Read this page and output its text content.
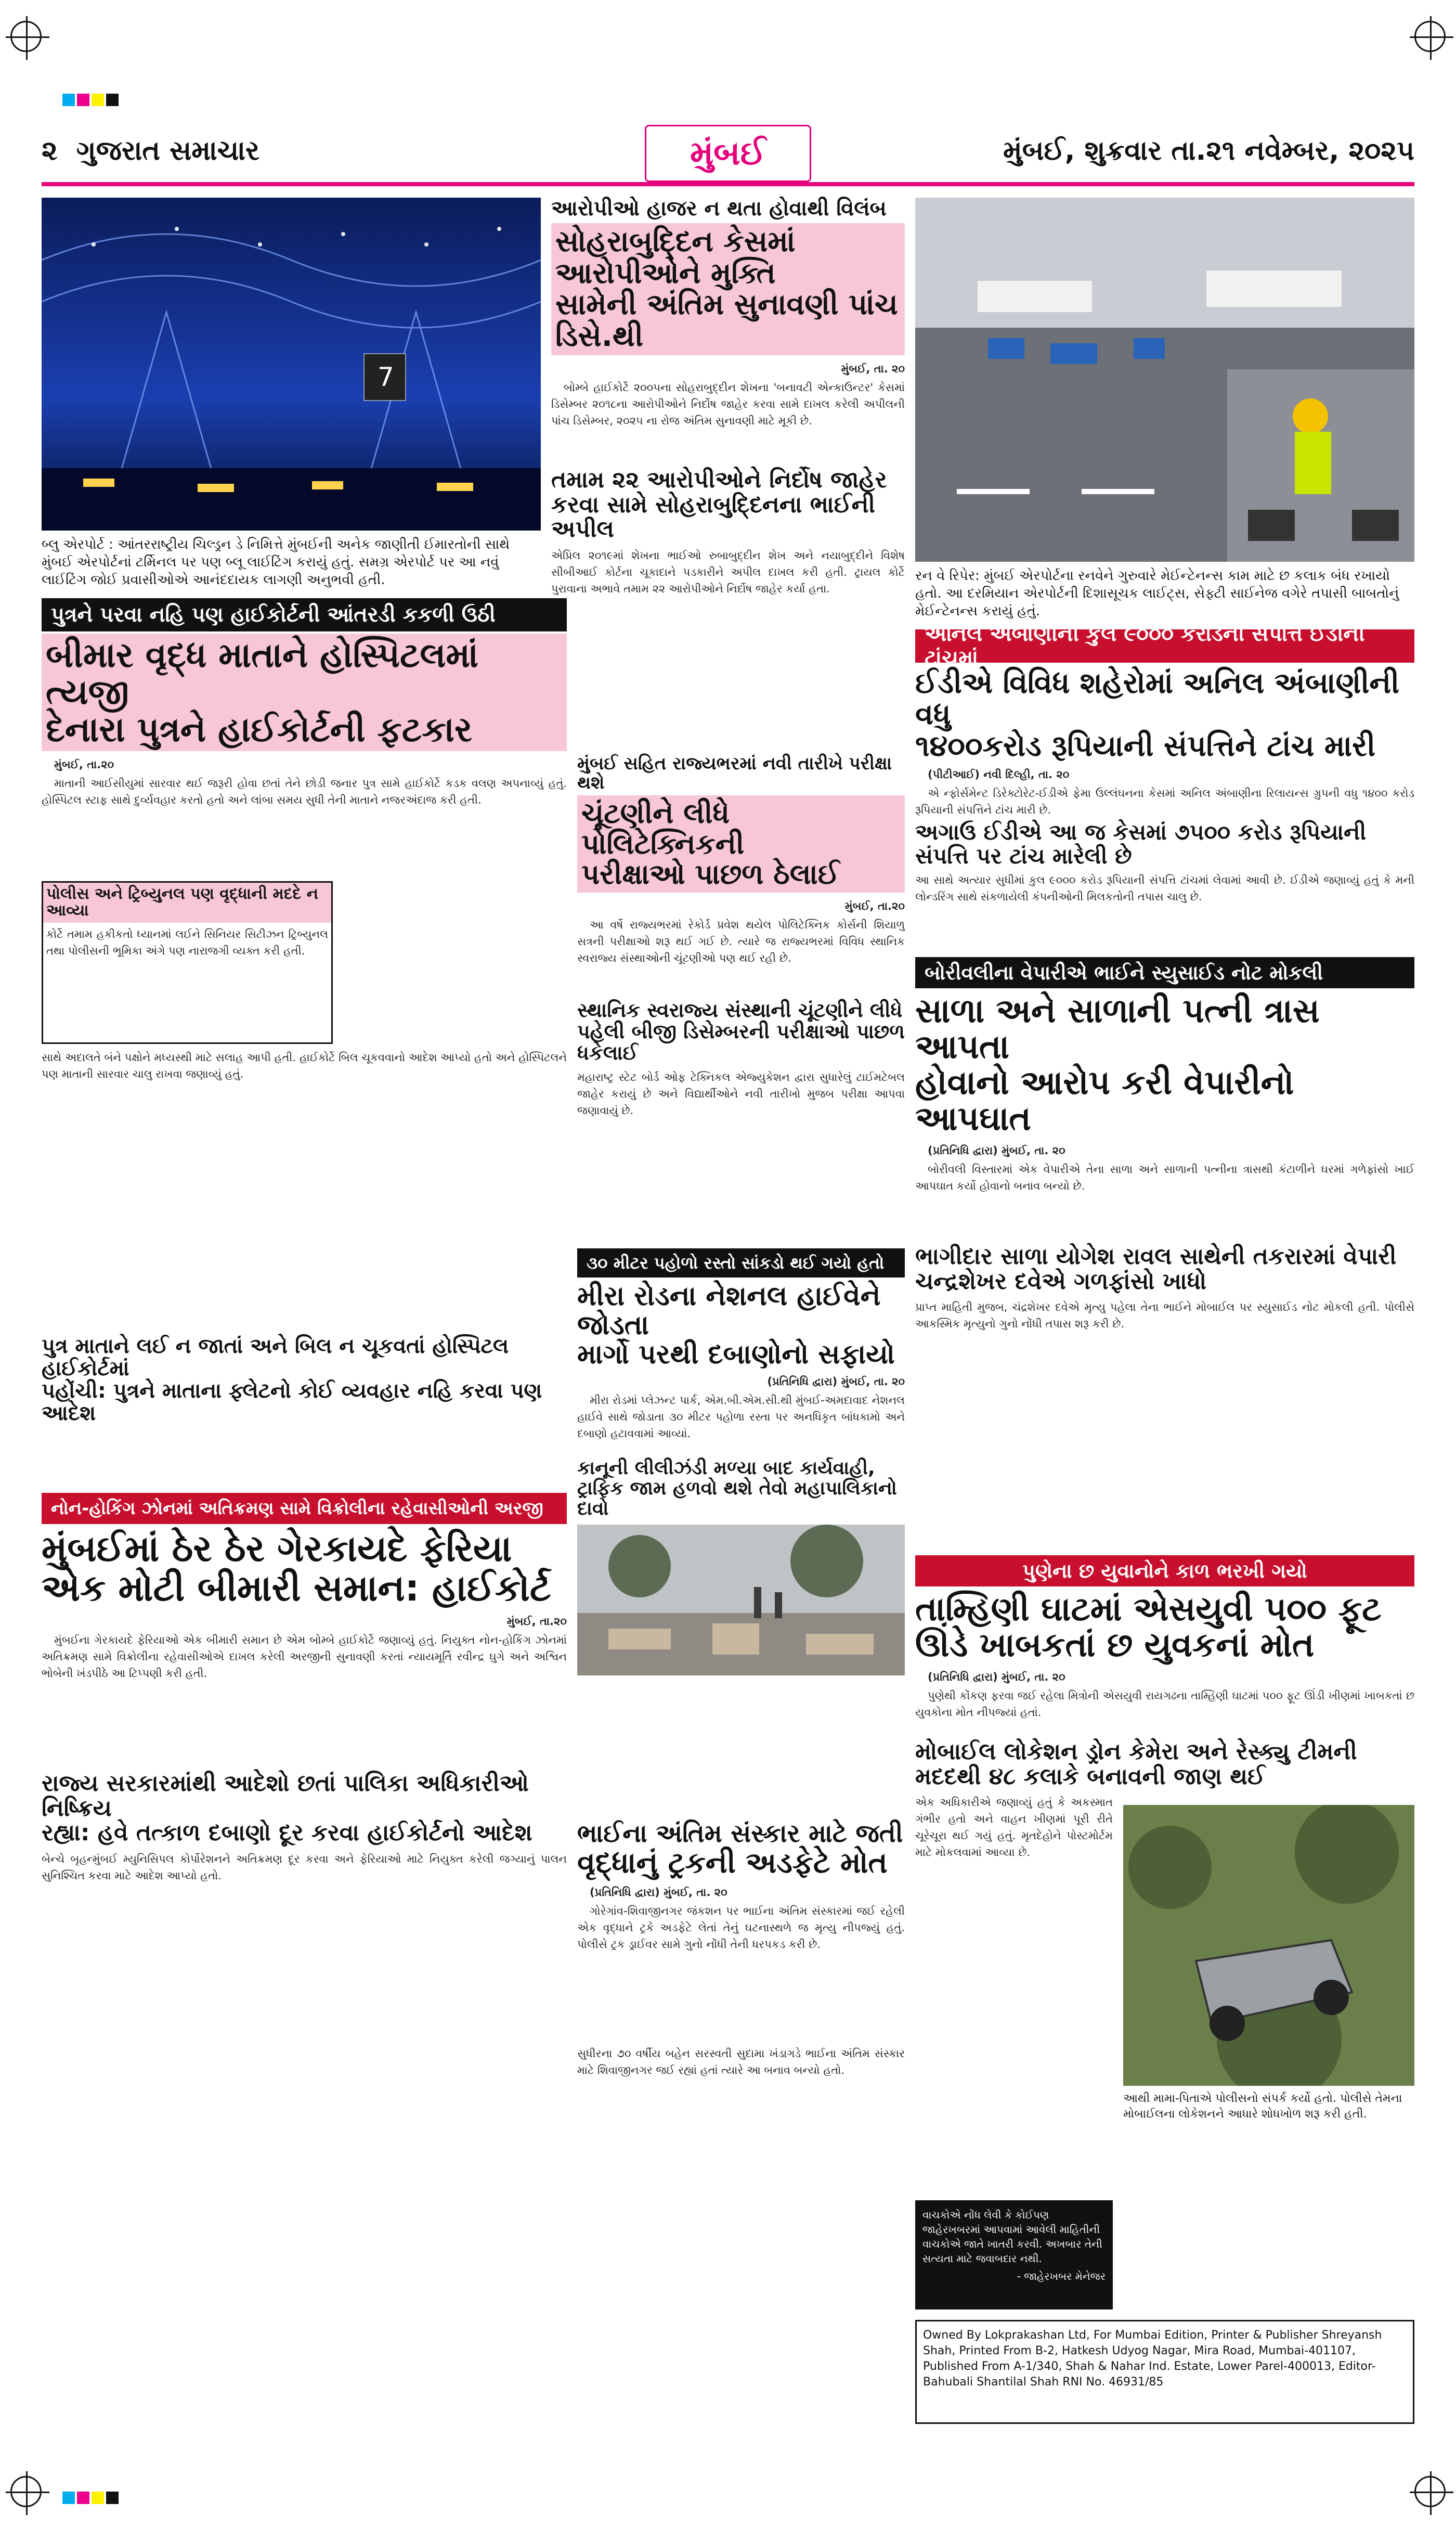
૨ ગુજરાત સમાચાર	મુંબઈ	મુંબઈ, શુક્રવાર તા.૨૧ નવેમ્બર, ૨૦૨૫
7
બ્લુ એરપોર્ટ : આંતરરાષ્ટ્રીય ચિલ્ડ્રન ડે નિમિત્તે મુંબઈની અનેક જાણીતી ઈમારતોની સાથે મુંબઈ એરપોર્ટનાં ટર્મિનલ પર પણ બ્લૂ લાઈટિંગ કરાયું હતું. સમગ્ર એરપોર્ટ પર આ નવું લાઈટિંગ જોઈ પ્રવાસીઓએ આનંદદાયક લાગણી અનુભવી હતી.
આરોપીઓ હાજર ન થતા હોવાથી વિલંબ
સોહરાબુદ્દિન કેસમાં આરોપીઓને મુક્તિ
સામેની અંતિમ સુનાવણી પાંચ ડિસે.થી

મુંબઈ, તા. ૨૦

બોમ્બે હાઈકોર્ટે ૨૦૦૫ના સોહરાબુદ્દીન શેખના 'બનાવટી એન્કાઉન્ટર' કેસમાં ડિસેમ્બર ૨૦૧૮ના આરોપીઓને નિર્દોષ જાહેર કરવા સામે દાખલ કરેલી અપીલની પાંચ ડિસેમ્બર, ૨૦૨૫ ના રોજ અંતિમ સુનાવણી માટે મૂકી છે.

તમામ ૨૨ આરોપીઓને નિર્દોષ જાહેર કરવા સામે સોહરાબુદ્દિનના ભાઈની અપીલ
એપ્રિલ ૨૦૧૯માં શેખના ભાઈઓ રુબાબુદ્દીન શેખ અને નયાબુદ્દીને વિશેષ સીબીઆઈ કોર્ટના ચૂકાદાને પડકારીને અપીલ દાખલ કરી હતી. ટ્રાયલ કોર્ટે પુરાવાના અભાવે તમામ ૨૨ આરોપીઓને નિર્દોષ જાહેર કર્યા હતા.
રન વે રિપેર: મુંબઈ એરપોર્ટના રનવેને ગુરુવારે મેઈન્ટેનન્સ કામ માટે છ કલાક બંધ રખાયો હતો. આ દરમિયાન એરપોર્ટની દિશાસૂચક લાઈટ્સ, સેફ્ટી સાઈનેજ વગેરે તપાસી બાબતોનું મેઈન્ટેનન્સ કરાયું હતું.
અનિલ અંબાણીની કુલ ૯૦૦૦ કરોડની સંપત્તિ ઈડીની ટાંચમાં
ઈડીએ વિવિધ શહેરોમાં અનિલ અંબાણીની વધુ
૧૪૦૦કરોડ રૂપિયાની સંપત્તિને ટાંચ મારી

(પીટીઆઈ) નવી દિલ્હી, તા. ૨૦

એ ન્ફોર્સમેન્ટ ડિરેક્ટોરેટ-ઈડીએ ફેમા ઉલ્લંઘનના કેસમાં અનિલ અંબાણીના રિલાયન્સ ગ્રુપની વધુ ૧૪૦૦ કરોડ રૂપિયાની સંપત્તિને ટાંચ મારી છે.

અગાઉ ઈડીએ આ જ કેસમાં ૭૫૦૦ કરોડ રૂપિયાની સંપત્તિ પર ટાંચ મારેલી છે
આ સાથે અત્યાર સુધીમાં કુલ ૯૦૦૦ કરોડ રૂપિયાની સંપત્તિ ટાંચમાં લેવામાં આવી છે. ઈડીએ જણાવ્યું હતું કે મની લોન્ડરિંગ સાથે સંકળાયેલી કંપનીઓની મિલકતોની તપાસ ચાલુ છે.
પુત્રને પરવા નહિ પણ હાઈકોર્ટની આંતરડી કકળી ઉઠી
બીમાર વૃદ્ધ માતાને હોસ્પિટલમાં ત્યજી
દેનારા પુત્રને હાઈકોર્ટની ફટકાર

મુંબઈ, તા.૨૦

માતાની આઈસીયુમાં સારવાર થઈ જરૂરી હોવા છતાં તેને છોડી જનાર પુત્ર સામે હાઈકોર્ટે કડક વલણ અપનાવ્યું હતું. હોસ્પિટલ સ્ટાફ સાથે દુર્વ્યવહાર કરતો હતો અને લાંબા સમય સુધી તેની માતાને નજરઅંદાજ કરી હતી.

પોલીસ અને ટ્રિબ્યુનલ પણ વૃદ્ધાની મદદે ન આવ્યા
કોર્ટે તમામ હકીકતો ધ્યાનમાં લઈને સિનિયર સિટીઝન ટ્રિબ્યુનલ તથા પોલીસની ભૂમિકા અંગે પણ નારાજગી વ્યક્ત કરી હતી.
સાથે અદાલતે બંને પક્ષોને મધ્યસ્થી માટે સલાહ આપી હતી. હાઈકોર્ટે બિલ ચૂકવવાનો આદેશ આપ્યો હતો અને હોસ્પિટલને પણ માતાની સારવાર ચાલુ રાખવા જણાવ્યું હતું.
પુત્ર માતાને લઈ ન જાતાં અને બિલ ન ચૂકવતાં હોસ્પિટલ હાઈકોર્ટમાં
પહોંચી: પુત્રને માતાના ફ્લેટનો કોઈ વ્યવહાર નહિ કરવા પણ આદેશ
મુંબઈ સહિત રાજ્યભરમાં નવી તારીખે પરીક્ષા થશે
ચૂંટણીને લીધે પોલિટેક્નિકની
પરીક્ષાઓ પાછળ ઠેલાઈ

મુંબઈ, તા.૨૦

આ વર્ષે રાજ્યભરમાં રેકોર્ડ પ્રવેશ થયેલ પોલિટેક્નિક કોર્સની શિયાળુ સત્રની પરીક્ષાઓ શરૂ થઈ ગઈ છે. ત્યારે જ રાજ્યભરમાં વિવિધ સ્થાનિક સ્વરાજ્ય સંસ્થાઓની ચૂંટણીઓ પણ થઈ રહી છે.

સ્થાનિક સ્વરાજ્ય સંસ્થાની ચૂંટણીને લીધે પહેલી બીજી ડિસેમ્બરની પરીક્ષાઓ પાછળ ધકેલાઈ
મહારાષ્ટ્ર સ્ટેટ બોર્ડ ઓફ ટેક્નિકલ એજ્યુકેશન દ્વારા સુધારેલું ટાઈમટેબલ જાહેર કરાયું છે અને વિદ્યાર્થીઓને નવી તારીખો મુજબ પરીક્ષા આપવા જણાવાયું છે.
બોરીવલીના વેપારીએ ભાઈને સ્યુસાઈડ નોટ મોકલી
સાળા અને સાળાની પત્ની ત્રાસ આપતા
હોવાનો આરોપ કરી વેપારીનો આપઘાત

(પ્રતિનિધિ દ્વારા) મુંબઈ, તા. ૨૦

બોરીવલી વિસ્તારમાં એક વેપારીએ તેના સાળા અને સાળાની પત્નીના ત્રાસથી કંટાળીને ઘરમાં ગળેફાંસો ખાઈ આપઘાત કર્યો હોવાનો બનાવ બન્યો છે.

ભાગીદાર સાળા યોગેશ રાવલ સાથેની તકરારમાં વેપારી ચન્દ્રશેખર દવેએ ગળફાંસો ખાધો
પ્રાપ્ત માહિતી મુજબ, ચંદ્રશેખર દવેએ મૃત્યુ પહેલા તેના ભાઈને મોબાઈલ પર સ્યુસાઈડ નોટ મોકલી હતી. પોલીસે આકસ્મિક મૃત્યુનો ગુનો નોંધી તપાસ શરૂ કરી છે.
૩૦ મીટર પહોળો રસ્તો સાંકડો થઈ ગયો હતો
મીરા રોડના નેશનલ હાઈવેને જોડતા
માર્ગો પરથી દબાણોનો સફાયો

(પ્રતિનિધિ દ્વારા) મુંબઈ, તા. ૨૦

મીરા રોડમાં પ્લેઝન્ટ પાર્ક, એમ.બી.એમ.સી.થી મુંબઈ-અમદાવાદ નેશનલ હાઈવે સાથે જોડાતા ૩૦ મીટર પહોળા રસ્તા પર અનધિકૃત બાંધકામો અને દબાણો હટાવવામાં આવ્યાં.

કાનૂની લીલીઝંડી મળ્યા બાદ કાર્યવાહી, ટ્રાફિક જામ હળવો થશે તેવો મહાપાલિકાનો દાવો
પુણેના છ યુવાનોને કાળ ભરખી ગયો
તામ્હિણી ઘાટમાં એસયુવી ૫૦૦ ફૂટ
ઊંડે ખાબકતાં છ યુવકનાં મોત

(પ્રતિનિધિ દ્વારા) મુંબઈ, તા. ૨૦

પુણેથી કોંકણ ફરવા જઈ રહેલા મિત્રોની એસયુવી રાયગઢના તામ્હિણી ઘાટમાં ૫૦૦ ફૂટ ઊંડી ખીણમાં ખાબકતાં છ યુવકોના મોત નીપજ્યાં હતાં.

મોબાઈલ લોકેશન ડ્રોન કેમેરા અને રેસ્ક્યુ ટીમની મદદથી ૪૮ કલાકે બનાવની જાણ થઈ
એક અધિકારીએ જણાવ્યું હતું કે અકસ્માત ગંભીર હતો અને વાહન ખીણમાં પૂરી રીતે ચૂરેચૂરા થઈ ગયું હતું. મૃતદેહોને પોસ્ટમોર્ટમ માટે મોકલવામાં આવ્યા છે.
આથી મામા-પિતાએ પોલીસનો સંપર્ક કર્યો હતો. પોલીસે તેમના મોબાઈલના લોકેશનને આધારે શોધખોળ શરૂ કરી હતી.
નોન-હોકિંગ ઝોનમાં અતિક્રમણ સામે વિક્રોલીના રહેવાસીઓની અરજી
મુંબઈમાં ઠેર ઠેર ગેરકાયદે ફેરિયા
એક મોટી બીમારી સમાન: હાઈકોર્ટ

મુંબઈ, તા.૨૦

મુંબઈના ગેરકાયદે ફેરિયાઓ એક બીમારી સમાન છે એમ બોમ્બે હાઈકોર્ટે જણાવ્યું હતું. નિયુક્ત નોન-હોકિંગ ઝોનમાં અતિક્રમણ સામે વિક્રોલીના રહેવાસીઓએ દાખલ કરેલી અરજીની સુનાવણી કરતાં ન્યાયમૂર્તિ રવીન્દ્ર ઘુગે અને અશ્વિન ભોબેની ખંડપીઠે આ ટિપ્પણી કરી હતી.

રાજ્ય સરકારમાંથી આદેશો છતાં પાલિકા અધિકારીઓ નિષ્ક્રિય
રહ્યા: હવે તત્કાળ દબાણો દૂર કરવા હાઈકોર્ટનો આદેશ
બેન્ચે બૃહન્મુંબઈ મ્યુનિસિપલ કોર્પોરેશનને અતિક્રમણ દૂર કરવા અને ફેરિયાઓ માટે નિયુક્ત કરેલી જગ્યાનું પાલન સુનિશ્ચિત કરવા માટે આદેશ આપ્યો હતો.
ભાઈના અંતિમ સંસ્કાર માટે જતી
વૃદ્ધાનું ટ્રકની અડફેટે મોત

(પ્રતિનિધિ દ્વારા) મુંબઈ, તા. ૨૦

ગોરેગાંવ-શિવાજીનગર જંકશન પર ભાઈના અંતિમ સંસ્કારમાં જઈ રહેલી એક વૃદ્ધાને ટ્રકે અડફેટે લેતાં તેનું ઘટનાસ્થળે જ મૃત્યુ નીપજ્યું હતું. પોલીસે ટ્રક ડ્રાઈવર સામે ગુનો નોંધી તેની ધરપકડ કરી છે.

સુધીરના ૭૦ વર્ષીય બહેન સરસ્વતી સુદામા ખંડાગડે ભાઈના અંતિમ સંસ્કાર માટે શિવાજીનગર જઈ રહ્યાં હતાં ત્યારે આ બનાવ બન્યો હતો.
વાચકોએ નોંધ લેવી કે કોઈપણ જાહેરખબરમાં આપવામાં આવેલી માહિતીની વાચકોએ જાતે ખાતરી કરવી. અખબાર તેની સત્યતા માટે જવાબદાર નથી.
- જાહેરખબર મેનેજર
Owned By Lokprakashan Ltd, For Mumbai Edition, Printer & Publisher Shreyansh Shah, Printed From B-2, Hatkesh Udyog Nagar, Mira Road, Mumbai-401107, Published From A-1/340, Shah & Nahar Ind. Estate, Lower Parel-400013, Editor- Bahubali Shantilal Shah RNI No. 46931/85
